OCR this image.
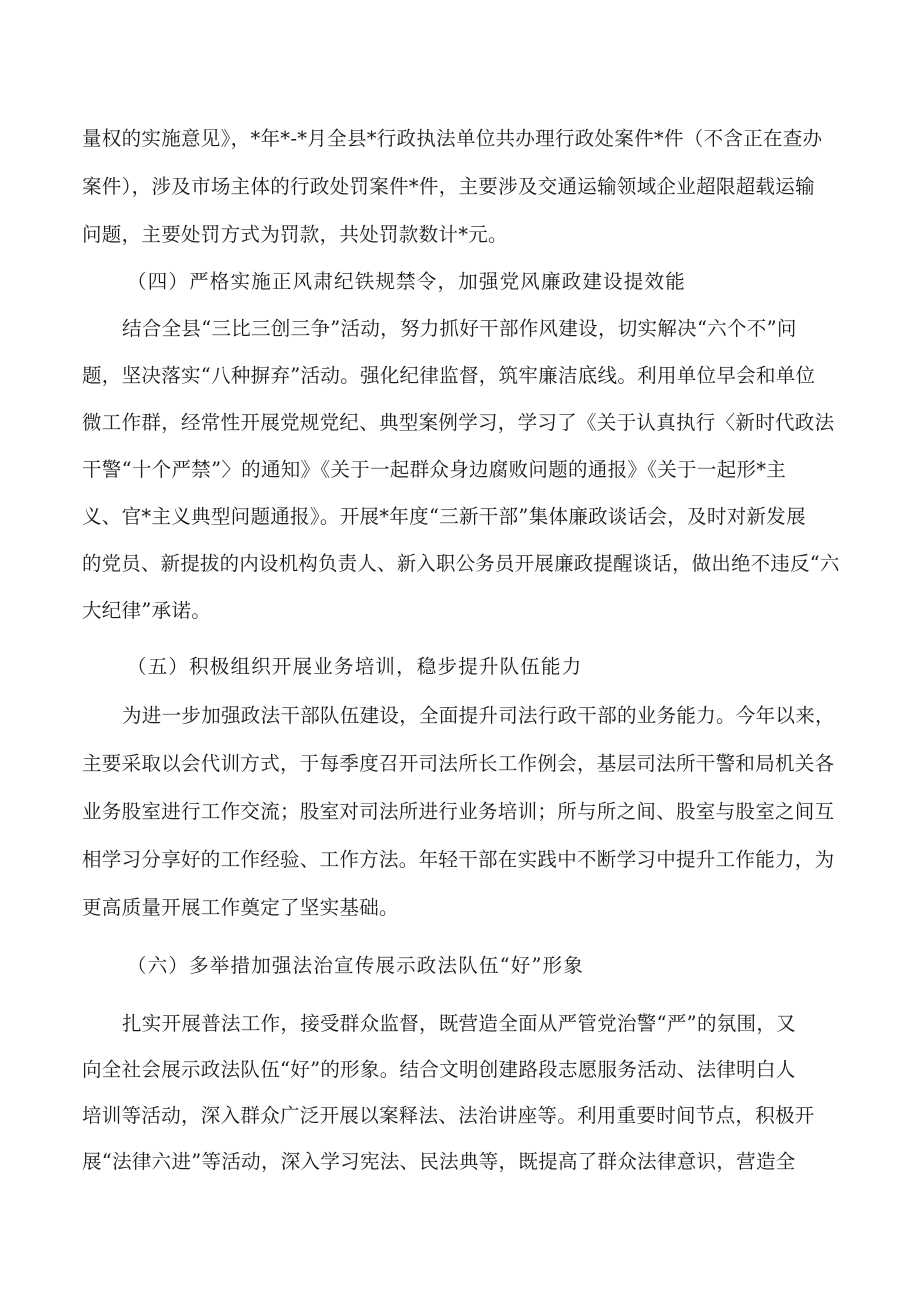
量权的实施意见》，*年*-*月全县*行政执法单位共办理行政处案件*件（不含正在查办
案件），涉及市场主体的行政处罚案件*件，主要涉及交通运输领域企业超限超载运输
问题，主要处罚方式为罚款，共处罚款数计*元。
（四）严格实施正风肃纪铁规禁令，加强党风廉政建设提效能
结合全县“三比三创三争”活动，努力抓好干部作风建设，切实解决“六个不”问
题，坚决落实“八种摒弃”活动。强化纪律监督，筑牢廉洁底线。利用单位早会和单位
微工作群，经常性开展党规党纪、典型案例学习，学习了《关于认真执行〈新时代政法
干警“十个严禁”〉的通知》《关于一起群众身边腐败问题的通报》《关于一起形*主
义、官*主义典型问题通报》。开展*年度“三新干部”集体廉政谈话会，及时对新发展
的党员、新提拔的内设机构负责人、新入职公务员开展廉政提醒谈话，做出绝不违反“六
大纪律”承诺。
（五）积极组织开展业务培训，稳步提升队伍能力
为进一步加强政法干部队伍建设，全面提升司法行政干部的业务能力。今年以来，
主要采取以会代训方式，于每季度召开司法所长工作例会，基层司法所干警和局机关各
业务股室进行工作交流；股室对司法所进行业务培训；所与所之间、股室与股室之间互
相学习分享好的工作经验、工作方法。年轻干部在实践中不断学习中提升工作能力，为
更高质量开展工作奠定了坚实基础。
（六）多举措加强法治宣传展示政法队伍“好”形象
扎实开展普法工作，接受群众监督，既营造全面从严管党治警“严”的氛围，又
向全社会展示政法队伍“好”的形象。结合文明创建路段志愿服务活动、法律明白人
培训等活动，深入群众广泛开展以案释法、法治讲座等。利用重要时间节点，积极开
展“法律六进”等活动，深入学习宪法、民法典等，既提高了群众法律意识，营造全
